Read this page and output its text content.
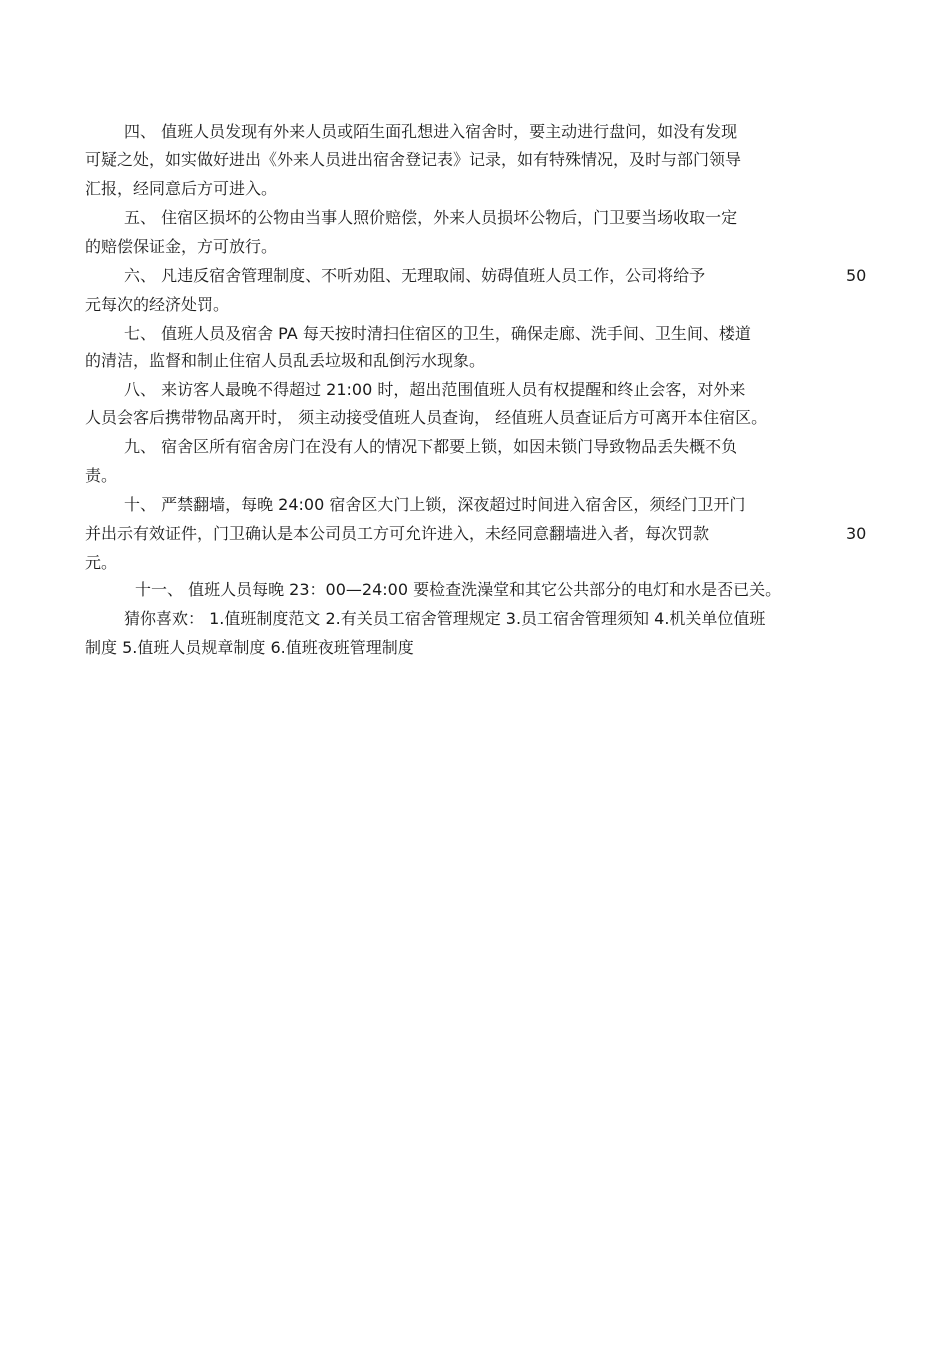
四、 值班人员发现有外来人员或陌生面孔想进入宿舍时，要主动进行盘问，如没有发现
可疑之处，如实做好进出《外来人员进出宿舍登记表》记录，如有特殊情况，及时与部门领导
汇报，经同意后方可进入。
五、 住宿区损坏的公物由当事人照价赔偿，外来人员损坏公物后，门卫要当场收取一定
的赔偿保证金，方可放行。
六、 凡违反宿舍管理制度、不听劝阻、无理取闹、妨碍值班人员工作，公司将给予	50
元每次的经济处罚。
七、 值班人员及宿舍 PA 每天按时清扫住宿区的卫生，确保走廊、洗手间、卫生间、楼道
的清洁，监督和制止住宿人员乱丢垃圾和乱倒污水现象。
八、 来访客人最晚不得超过 21:00 时，超出范围值班人员有权提醒和终止会客，对外来
人员会客后携带物品离开时， 须主动接受值班人员查询， 经值班人员查证后方可离开本住宿区。
九、 宿舍区所有宿舍房门在没有人的情况下都要上锁，如因未锁门导致物品丢失概不负
责。
十、 严禁翻墙，每晚 24:00 宿舍区大门上锁，深夜超过时间进入宿舍区，须经门卫开门
并出示有效证件，门卫确认是本公司员工方可允许进入，未经同意翻墙进入者，每次罚款	30
元。
十一、 值班人员每晚 23：00—24:00 要检查洗澡堂和其它公共部分的电灯和水是否已关。
猜你喜欢： 1.值班制度范文 2.有关员工宿舍管理规定 3.员工宿舍管理须知 4.机关单位值班
制度 5.值班人员规章制度 6.值班夜班管理制度
